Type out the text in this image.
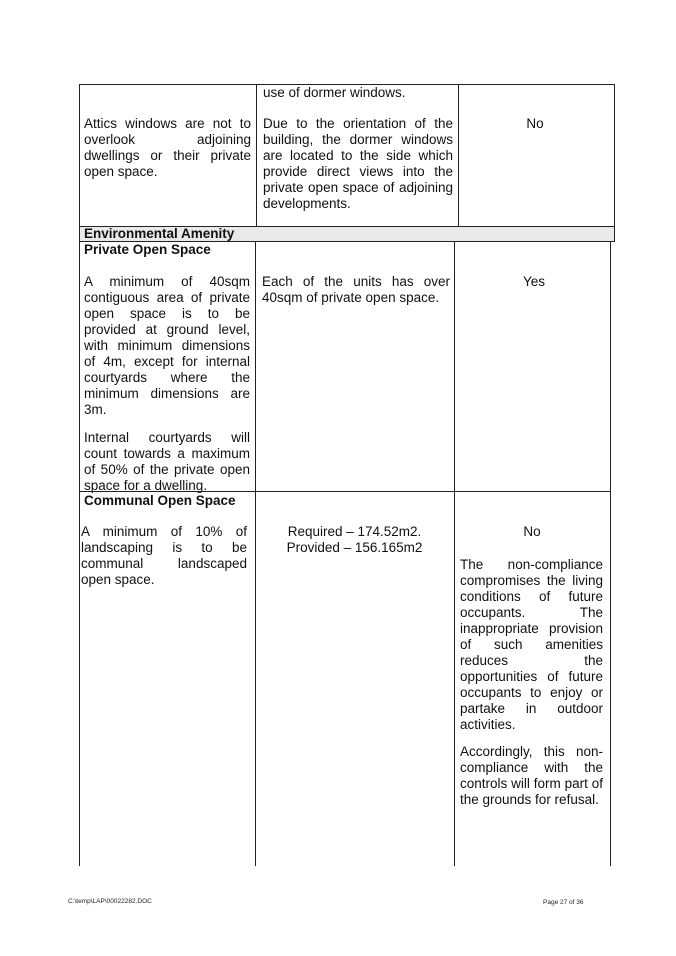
use of dormer windows.
Attics windows are not to overlook adjoining dwellings or their private open space.
Due to the orientation of the building, the dormer windows are located to the side which provide direct views into the private open space of adjoining developments.
No
Environmental Amenity
Private Open Space
A minimum of 40sqm contiguous area of private open space is to be provided at ground level, with minimum dimensions of 4m, except for internal courtyards where the minimum dimensions are 3m.
Internal courtyards will count towards a maximum of 50% of the private open space for a dwelling.
Each of the units has over 40sqm of private open space.
Yes
Communal Open Space
A minimum of 10% of landscaping is to be communal landscaped open space.
Required – 174.52m2.
Provided – 156.165m2
No
The non-compliance compromises the living conditions of future occupants. The inappropriate provision of such amenities reduces the opportunities of future occupants to enjoy or partake in outdoor activities.
Accordingly, this non-compliance with the controls will form part of the grounds for refusal.
C:\temp\LAP\00022282.DOC	Page 27 of 36
